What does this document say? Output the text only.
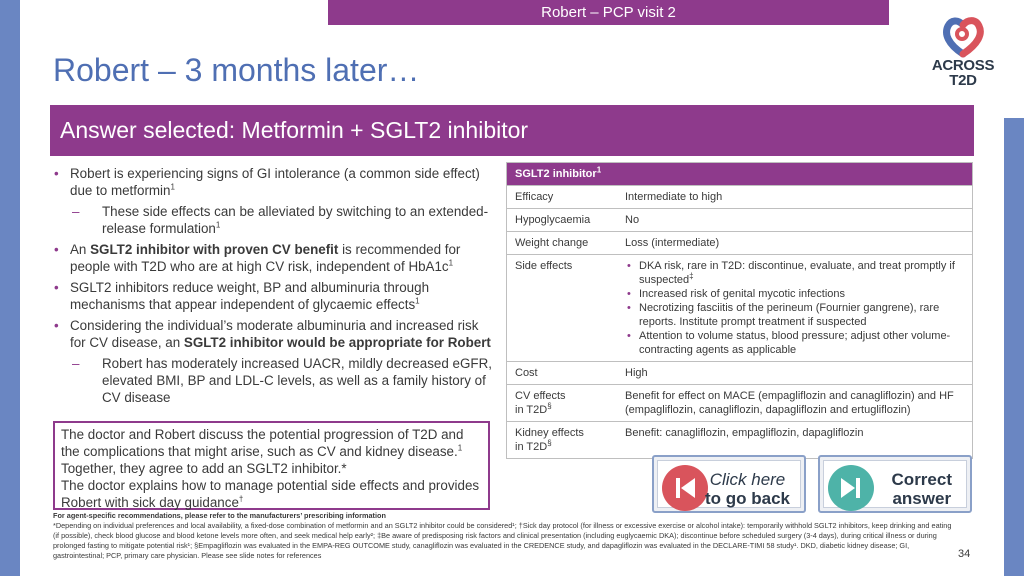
Robert – PCP visit 2
ACROSS
T2D
Robert – 3 months later…
Answer selected: Metformin + SGLT2 inhibitor
• Robert is experiencing signs of GI intolerance (a common side effect) due to metformin$^1$
– These side effects can be alleviated by switching to an extended-release formulation$^1$
• An SGLT2 inhibitor with proven CV benefit is recommended for people with T2D who are at high CV risk, independent of $HbA1c^1$
• SGLT2 inhibitors reduce weight, BP and albuminuria through mechanisms that appear independent of glycaemic effects$^1$
• Considering the individual’s moderate albuminuria and increased risk for CV disease, an SGLT2 inhibitor would be appropriate for Robert
– Robert has moderately increased UACR, mildly decreased eGFR, elevated BMI, BP and LDL-C levels, as well as a family history of CV disease
The doctor and Robert discuss the potential progression of T2D and the complications that might arise, such as CV and kidney disease.$^1$
Together, they agree to add an SGLT2 inhibitor.*
The doctor explains how to manage potential side effects and provides Robert with sick day guidance†
SGLT2 inhibitor$^1$
Efficacy	Intermediate to high
Hypoglycaemia	No
Weight change	Loss (intermediate)
Side effects
•	DKA risk, rare in T2D: discontinue, evaluate, and treat promptly if suspected‡
• Increased risk of genital mycotic infections
• Necrotizing fasciitis of the perineum (Fournier gangrene), rare reports. Institute prompt treatment if suspected
• Attention to volume status, blood pressure; adjust other volume-contracting agents as applicable
Cost	High
CV effects
in T2D§
Benefit for effect on MACE (empagliflozin and canagliflozin) and HF (empagliflozin, canagliflozin, dapagliflozin and ertugliflozin)
Kidney effects
in T2D§
Benefit: canagliflozin, empagliflozin, dapagliflozin
Click here
to go back
Correct
answer
For agent-specific recommendations, please refer to the manufacturers’ prescribing information
*Depending on individual preferences and local availability, a fixed-dose combination of metformin and an SGLT2 inhibitor could be considered¹; †Sick day protocol (for illness or excessive exercise or alcohol intake): temporarily withhold SGLT2 inhibitors, keep drinking and eating (if possible), check blood glucose and blood ketone levels more often, and seek medical help early²; ‡Be aware of predisposing risk factors and clinical presentation (including euglycaemic DKA); discontinue before scheduled surgery (3-4 days), during critical illness or during prolonged fasting to mitigate potential risk¹; §Empagliflozin was evaluated in the EMPA-REG OUTCOME study, canagliflozin was evaluated in the CREDENCE study, and dapagliflozin was evaluated in the DECLARE-TIMI 58 study¹. DKD, diabetic kidney disease; GI, gastrointestinal; PCP, primary care physician. Please see slide notes for references	34
